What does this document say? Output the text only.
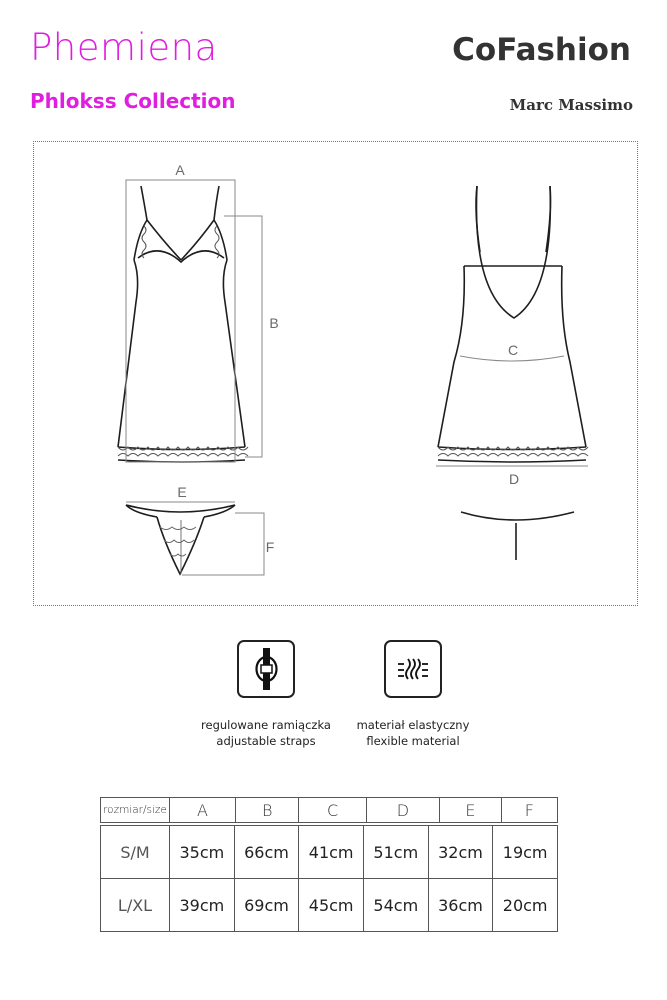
Phemiena
Phlokss Collection
CoFashion
Marc Massimo
A
B
E
F
C
D
regulowane ramiączka
adjustable straps
materiał elastyczny
flexible material
rozmiar/size	A	B	C	D	E	F
S/M	35cm	66cm	41cm	51cm	32cm	19cm
L/XL	39cm	69cm	45cm	54cm	36cm	20cm
